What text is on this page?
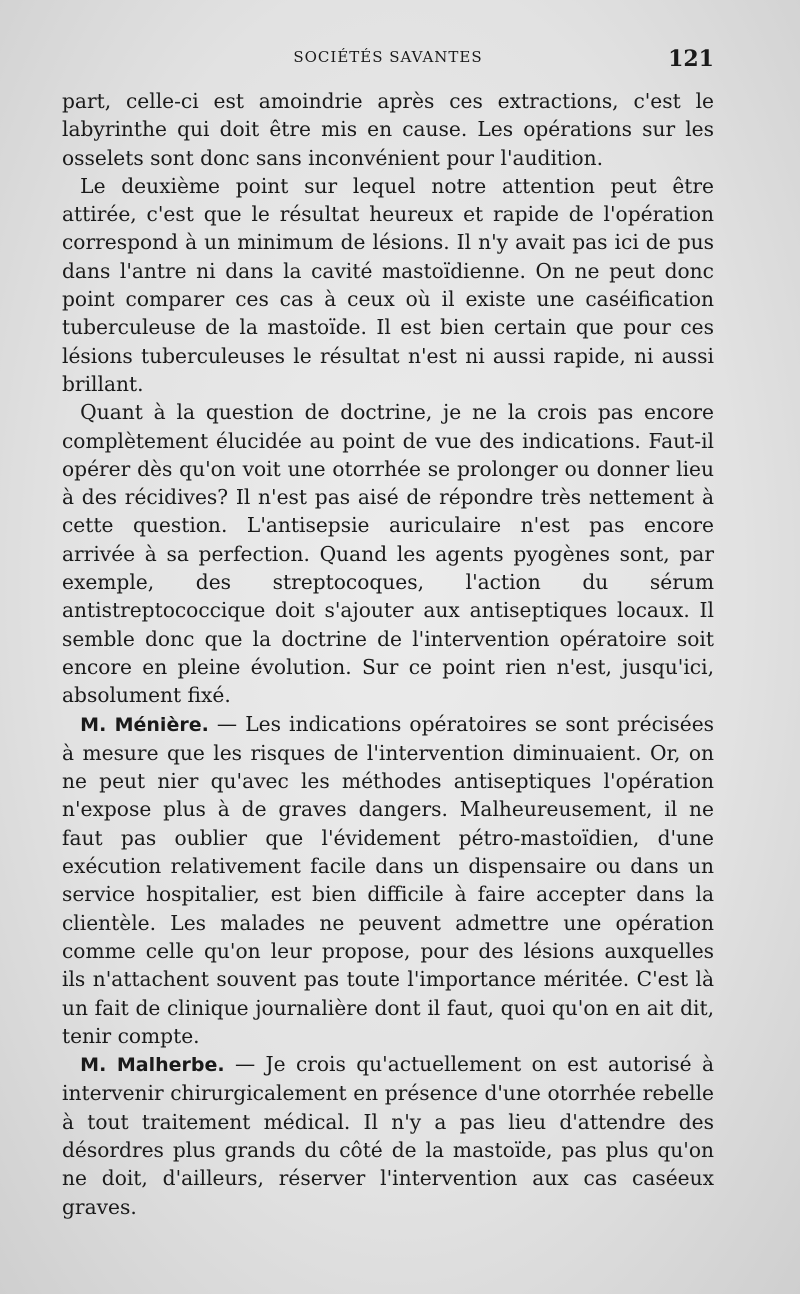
SOCIÉTÉS SAVANTES	121

part, celle-ci est amoindrie après ces extractions, c'est le labyrinthe qui doit être mis en cause. Les opérations sur les osselets sont donc sans inconvénient pour l'audition.

Le deuxième point sur lequel notre attention peut être attirée, c'est que le résultat heureux et rapide de l'opération correspond à un minimum de lésions. Il n'y avait pas ici de pus dans l'antre ni dans la cavité mastoïdienne. On ne peut donc point comparer ces cas à ceux où il existe une caséification tuberculeuse de la mastoïde. Il est bien certain que pour ces lésions tuberculeuses le résultat n'est ni aussi rapide, ni aussi brillant.

Quant à la question de doctrine, je ne la crois pas encore complètement élucidée au point de vue des indications. Faut-il opérer dès qu'on voit une otorrhée se prolonger ou donner lieu à des récidives? Il n'est pas aisé de répondre très nettement à cette question. L'antisepsie auriculaire n'est pas encore arrivée à sa perfection. Quand les agents pyogènes sont, par exemple, des streptocoques, l'action du sérum antistreptococcique doit s'ajouter aux antiseptiques locaux. Il semble donc que la doctrine de l'intervention opératoire soit encore en pleine évolution. Sur ce point rien n'est, jusqu'ici, absolument fixé.

M. Ménière. — Les indications opératoires se sont précisées à mesure que les risques de l'intervention diminuaient. Or, on ne peut nier qu'avec les méthodes antiseptiques l'opération n'expose plus à de graves dangers. Malheureusement, il ne faut pas oublier que l'évidement pétro-mastoïdien, d'une exécution relativement facile dans un dispensaire ou dans un service hospitalier, est bien difficile à faire accepter dans la clientèle. Les malades ne peuvent admettre une opération comme celle qu'on leur propose, pour des lésions auxquelles ils n'attachent souvent pas toute l'importance méritée. C'est là un fait de clinique journalière dont il faut, quoi qu'on en ait dit, tenir compte.

M. Malherbe. — Je crois qu'actuellement on est autorisé à intervenir chirurgicalement en présence d'une otorrhée rebelle à tout traitement médical. Il n'y a pas lieu d'attendre des désordres plus grands du côté de la mastoïde, pas plus qu'on ne doit, d'ailleurs, réserver l'intervention aux cas caséeux graves.
